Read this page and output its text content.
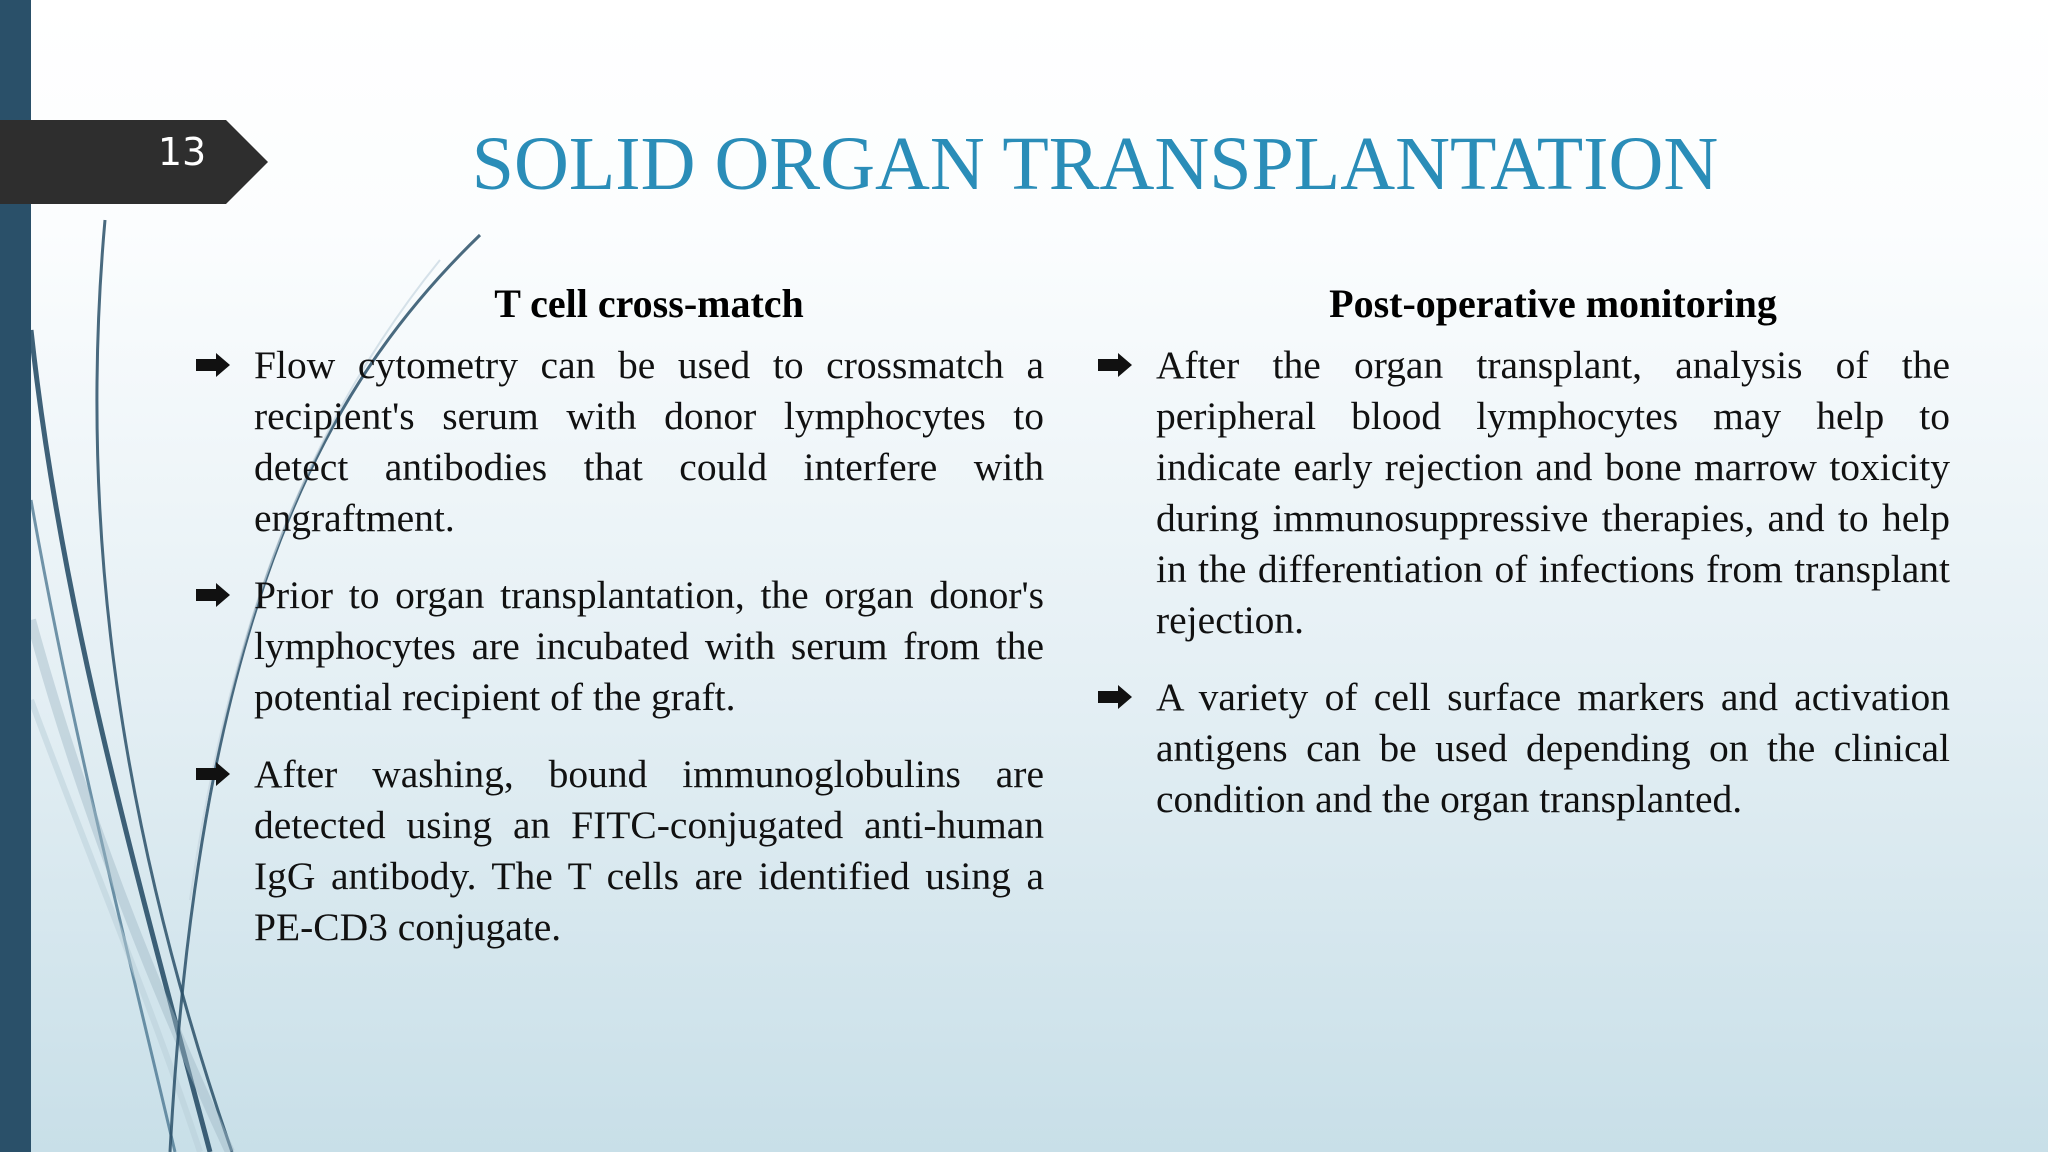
13	SOLID ORGAN TRANSPLANTATION
T cell cross-match
Flow cytometry can be used to crossmatch a recipient's serum with donor lymphocytes to detect antibodies that could interfere with engraftment.
Prior to organ transplantation, the organ donor's lymphocytes are incubated with serum from the potential recipient of the graft.
After washing, bound immunoglobulins are detected using an FITC-conjugated anti-human IgG antibody. The T cells are identified using a PE-CD3 conjugate.
Post-operative monitoring
After the organ transplant, analysis of the peripheral blood lymphocytes may help to indicate early rejection and bone marrow toxicity during immunosuppressive therapies, and to help in the differentiation of infections from transplant rejection.
A variety of cell surface markers and activation antigens can be used depending on the clinical condition and the organ transplanted.
